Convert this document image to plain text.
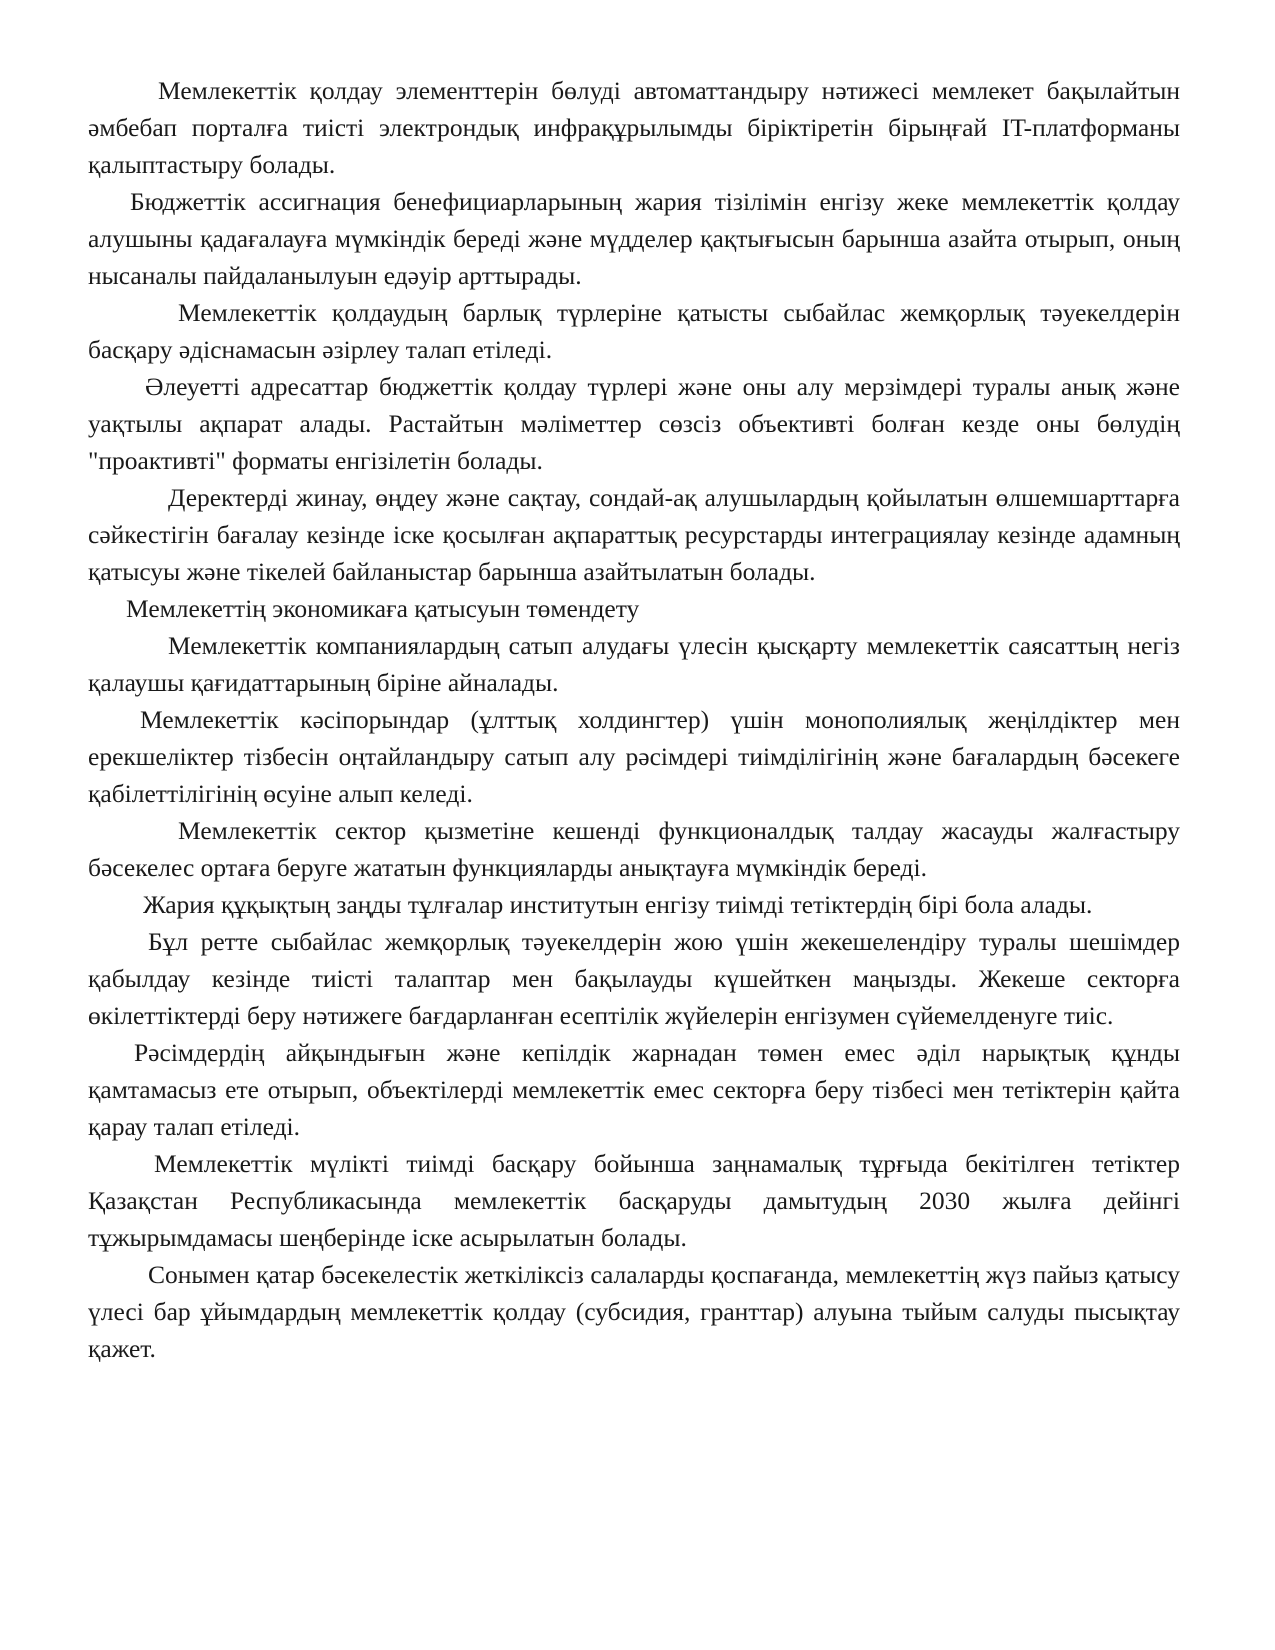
Мемлекеттік қолдау элементтерін бөлуді автоматтандыру нәтижесі мемлекет бақылайтын әмбебап порталға тиісті электрондық инфрақұрылымды біріктіретін бірыңғай IT-платформаны қалыптастыру болады.

Бюджеттік ассигнация бенефициарларының жария тізілімін енгізу жеке мемлекеттік қолдау алушыны қадағалауға мүмкіндік береді және мүдделер қақтығысын барынша азайта отырып, оның нысаналы пайдаланылуын едәуір арттырады.

Мемлекеттік қолдаудың барлық түрлеріне қатысты сыбайлас жемқорлық тәуекелдерін басқару әдіснамасын әзірлеу талап етіледі.

Әлеуетті адресаттар бюджеттік қолдау түрлері және оны алу мерзімдері туралы анық және уақтылы ақпарат алады. Растайтын мәліметтер сөзсіз объективті болған кезде оны бөлудің "проактивті" форматы енгізілетін болады.

Деректерді жинау, өңдеу және сақтау, сондай-ақ алушылардың қойылатын өлшемшарттарға сәйкестігін бағалау кезінде іске қосылған ақпараттық ресурстарды интеграциялау кезінде адамның қатысуы және тікелей байланыстар барынша азайтылатын болады.

Мемлекеттің экономикаға қатысуын төмендету

Мемлекеттік компаниялардың сатып алудағы үлесін қысқарту мемлекеттік саясаттың негіз қалаушы қағидаттарының біріне айналады.

Мемлекеттік кәсіпорындар (ұлттық холдингтер) үшін монополиялық жеңілдіктер мен ерекшеліктер тізбесін оңтайландыру сатып алу рәсімдері тиімділігінің және бағалардың бәсекеге қабілеттілігінің өсуіне алып келеді.

Мемлекеттік сектор қызметіне кешенді функционалдық талдау жасауды жалғастыру бәсекелес ортаға беруге жататын функцияларды анықтауға мүмкіндік береді.

Жария құқықтың заңды тұлғалар институтын енгізу тиімді тетіктердің бірі бола алады.

Бұл ретте сыбайлас жемқорлық тәуекелдерін жою үшін жекешелендіру туралы шешімдер қабылдау кезінде тиісті талаптар мен бақылауды күшейткен маңызды. Жекеше секторға өкілеттіктерді беру нәтижеге бағдарланған есептілік жүйелерін енгізумен сүйемелденуге тиіс.

Рәсімдердің айқындығын және кепілдік жарнадан төмен емес әділ нарықтық құнды қамтамасыз ете отырып, объектілерді мемлекеттік емес секторға беру тізбесі мен тетіктерін қайта қарау талап етіледі.

Мемлекеттік мүлікті тиімді басқару бойынша заңнамалық тұрғыда бекітілген тетіктер Қазақстан Республикасында мемлекеттік басқаруды дамытудың 2030 жылға дейінгі тұжырымдамасы шеңберінде іске асырылатын болады.

Сонымен қатар бәсекелестік жеткіліксіз салаларды қоспағанда, мемлекеттің жүз пайыз қатысу үлесі бар ұйымдардың мемлекеттік қолдау (субсидия, гранттар) алуына тыйым салуды пысықтау қажет.
